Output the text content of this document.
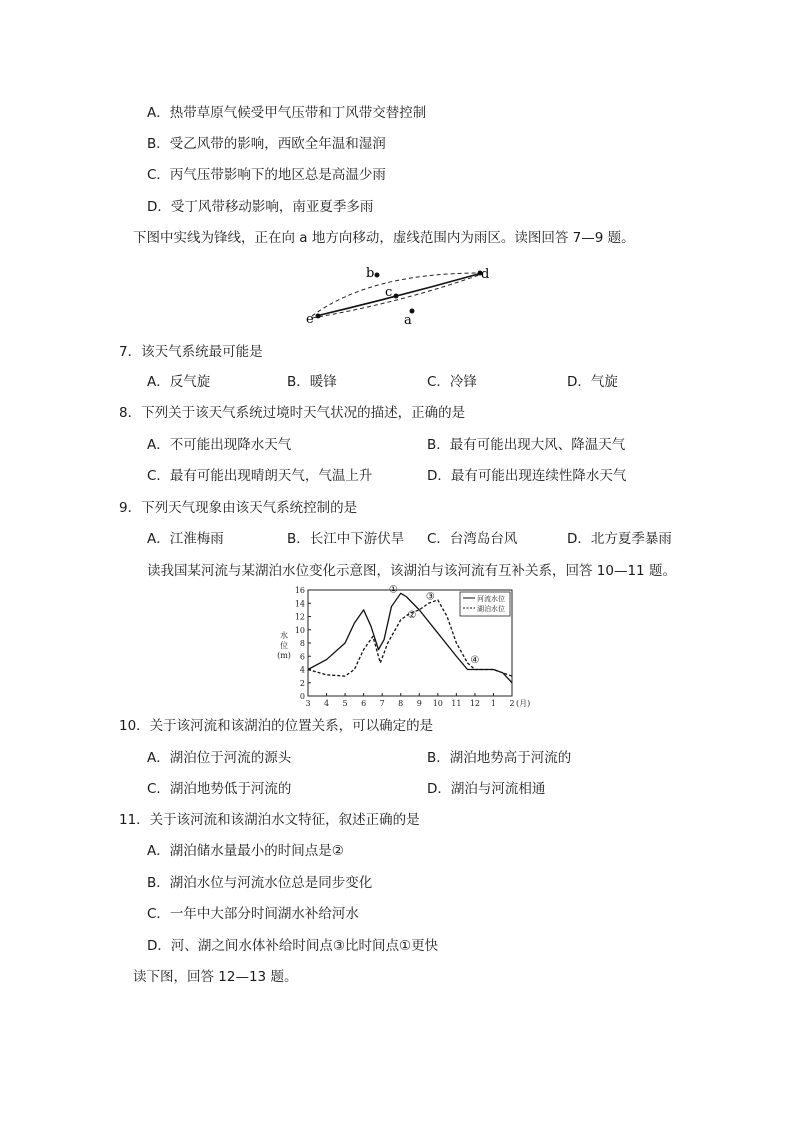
A．热带草原气候受甲气压带和丁风带交替控制
B．受乙风带的影响，西欧全年温和湿润
C．丙气压带影响下的地区总是高温少雨
D．受丁风带移动影响，南亚夏季多雨
下图中实线为锋线，正在向 a 地方向移动，虚线范围内为雨区。读图回答 7—9 题。
b	d
c
e	a
7．该天气系统最可能是
A．反气旋	B．暖锋	C．冷锋	D．气旋
8．下列关于该天气系统过境时天气状况的描述，正确的是
A．不可能出现降水天气	B．最有可能出现大风、降温天气
C．最有可能出现晴朗天气，气温上升	D．最有可能出现连续性降水天气
9．下列天气现象由该天气系统控制的是
A．江淮梅雨	B．长江中下游伏旱 C．台湾岛台风	D．北方夏季暴雨
读我国某河流与某湖泊水位变化示意图，该湖泊与该河流有互补关系，回答 10—11 题。
0
2
4
6
8
10
12
14
16
3 4 5 6 7 8 9 10 11 12 1 2 (月)
水
位
(m)
河流水位
湖泊水位
①
②
③
④
10．关于该河流和该湖泊的位置关系，可以确定的是
A．湖泊位于河流的源头	B．湖泊地势高于河流的
C．湖泊地势低于河流的	D．湖泊与河流相通
11．关于该河流和该湖泊水文特征，叙述正确的是
A．湖泊储水量最小的时间点是②
B．湖泊水位与河流水位总是同步变化
C．一年中大部分时间湖水补给河水
D．河、湖之间水体补给时间点③比时间点①更快
读下图，回答 12—13 题。
